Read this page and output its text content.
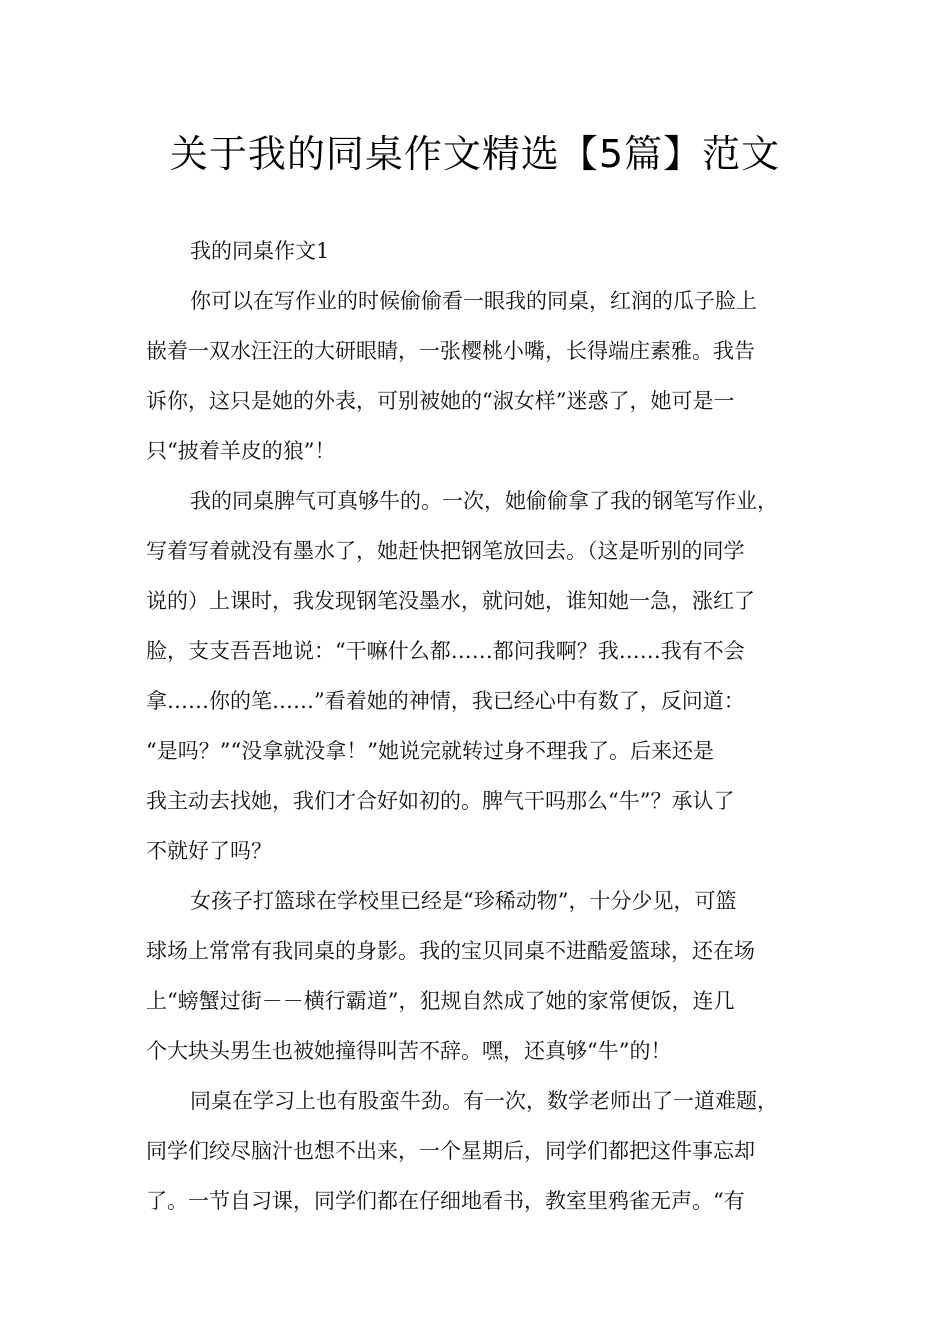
关于我的同桌作文精选【5篇】范文

我的同桌作文1

你可以在写作业的时候偷偷看一眼我的同桌，红润的瓜子脸上

嵌着一双水汪汪的大研眼睛，一张樱桃小嘴，长得端庄素雅。我告

诉你，这只是她的外表，可别被她的“淑女样”迷惑了，她可是一

只“披着羊皮的狼”！

我的同桌脾气可真够牛的。一次，她偷偷拿了我的钢笔写作业，

写着写着就没有墨水了，她赶快把钢笔放回去。（这是听别的同学

说的）上课时，我发现钢笔没墨水，就问她，谁知她一急，涨红了

脸，支支吾吾地说：“干嘛什么都……都问我啊？我……我有不会

拿……你的笔……”看着她的神情，我已经心中有数了，反问道：

“是吗？”“没拿就没拿！”她说完就转过身不理我了。后来还是

我主动去找她，我们才合好如初的。脾气干吗那么“牛”？承认了

不就好了吗？

女孩子打篮球在学校里已经是“珍稀动物”，十分少见，可篮

球场上常常有我同桌的身影。我的宝贝同桌不进酷爱篮球，还在场

上“螃蟹过街－－横行霸道”，犯规自然成了她的家常便饭，连几

个大块头男生也被她撞得叫苦不辞。嘿，还真够“牛”的！

同桌在学习上也有股蛮牛劲。有一次，数学老师出了一道难题，

同学们绞尽脑汁也想不出来，一个星期后，同学们都把这件事忘却

了。一节自习课，同学们都在仔细地看书，教室里鸦雀无声。“有
